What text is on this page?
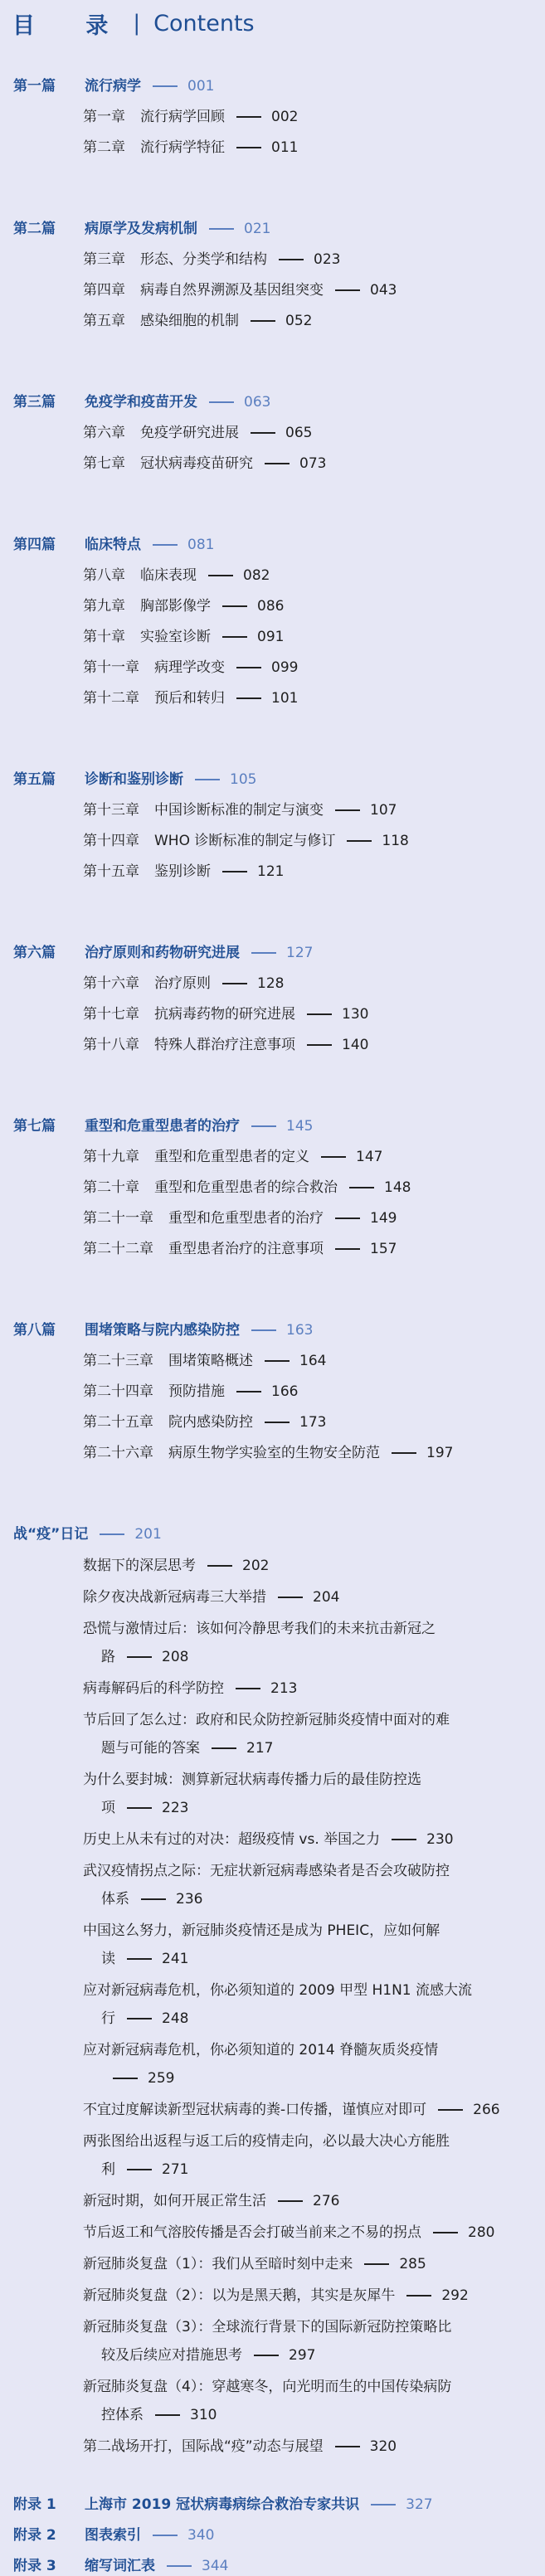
目 录 | Contents
第一篇 流行病学	001
第一章 流行病学回顾	002
第二章 流行病学特征	011
第二篇 病原学及发病机制	021
第三章 形态、分类学和结构	023
第四章 病毒自然界溯源及基因组突变	043
第五章 感染细胞的机制	052
第三篇 免疫学和疫苗开发	063
第六章 免疫学研究进展	065
第七章 冠状病毒疫苗研究	073
第四篇 临床特点	081
第八章 临床表现	082
第九章 胸部影像学	086
第十章 实验室诊断	091
第十一章 病理学改变	099
第十二章 预后和转归	101
第五篇 诊断和鉴别诊断	105
第十三章 中国诊断标准的制定与演变	107
第十四章 WHO 诊断标准的制定与修订	118
第十五章 鉴别诊断	121
第六篇 治疗原则和药物研究进展	127
第十六章 治疗原则	128
第十七章 抗病毒药物的研究进展	130
第十八章 特殊人群治疗注意事项	140
第七篇 重型和危重型患者的治疗	145
第十九章 重型和危重型患者的定义	147
第二十章 重型和危重型患者的综合救治	148
第二十一章 重型和危重型患者的治疗	149
第二十二章 重型患者治疗的注意事项	157
第八篇 围堵策略与院内感染防控	163
第二十三章 围堵策略概述	164
第二十四章 预防措施	166
第二十五章 院内感染防控	173
第二十六章 病原生物学实验室的生物安全防范	197
战“疫”日记	201
数据下的深层思考	202
除夕夜决战新冠病毒三大举措	204
恐慌与激情过后：该如何冷静思考我们的未来抗击新冠之
路	208
病毒解码后的科学防控	213
节后回了怎么过：政府和民众防控新冠肺炎疫情中面对的难
题与可能的答案	217
为什么要封城：测算新冠状病毒传播力后的最佳防控选
项	223
历史上从未有过的对决：超级疫情 vs. 举国之力	230
武汉疫情拐点之际：无症状新冠病毒感染者是否会攻破防控
体系	236
中国这么努力，新冠肺炎疫情还是成为 PHEIC，应如何解
读	241
应对新冠病毒危机，你必须知道的 2009 甲型 H1N1 流感大流
行	248
应对新冠病毒危机，你必须知道的 2014 脊髓灰质炎疫情
259
不宜过度解读新型冠状病毒的粪-口传播，谨慎应对即可	266
两张图给出返程与返工后的疫情走向，必以最大决心方能胜
利	271
新冠时期，如何开展正常生活	276
节后返工和气溶胶传播是否会打破当前来之不易的拐点	280
新冠肺炎复盘（1）：我们从至暗时刻中走来	285
新冠肺炎复盘（2）：以为是黑天鹅，其实是灰犀牛	292
新冠肺炎复盘（3）：全球流行背景下的国际新冠防控策略比
较及后续应对措施思考	297
新冠肺炎复盘（4）：穿越寒冬，向光明而生的中国传染病防
控体系	310
第二战场开打，国际战“疫”动态与展望	320
附录 1 上海市 2019 冠状病毒病综合救治专家共识	327
附录 2 图表索引	340
附录 3 缩写词汇表	344
